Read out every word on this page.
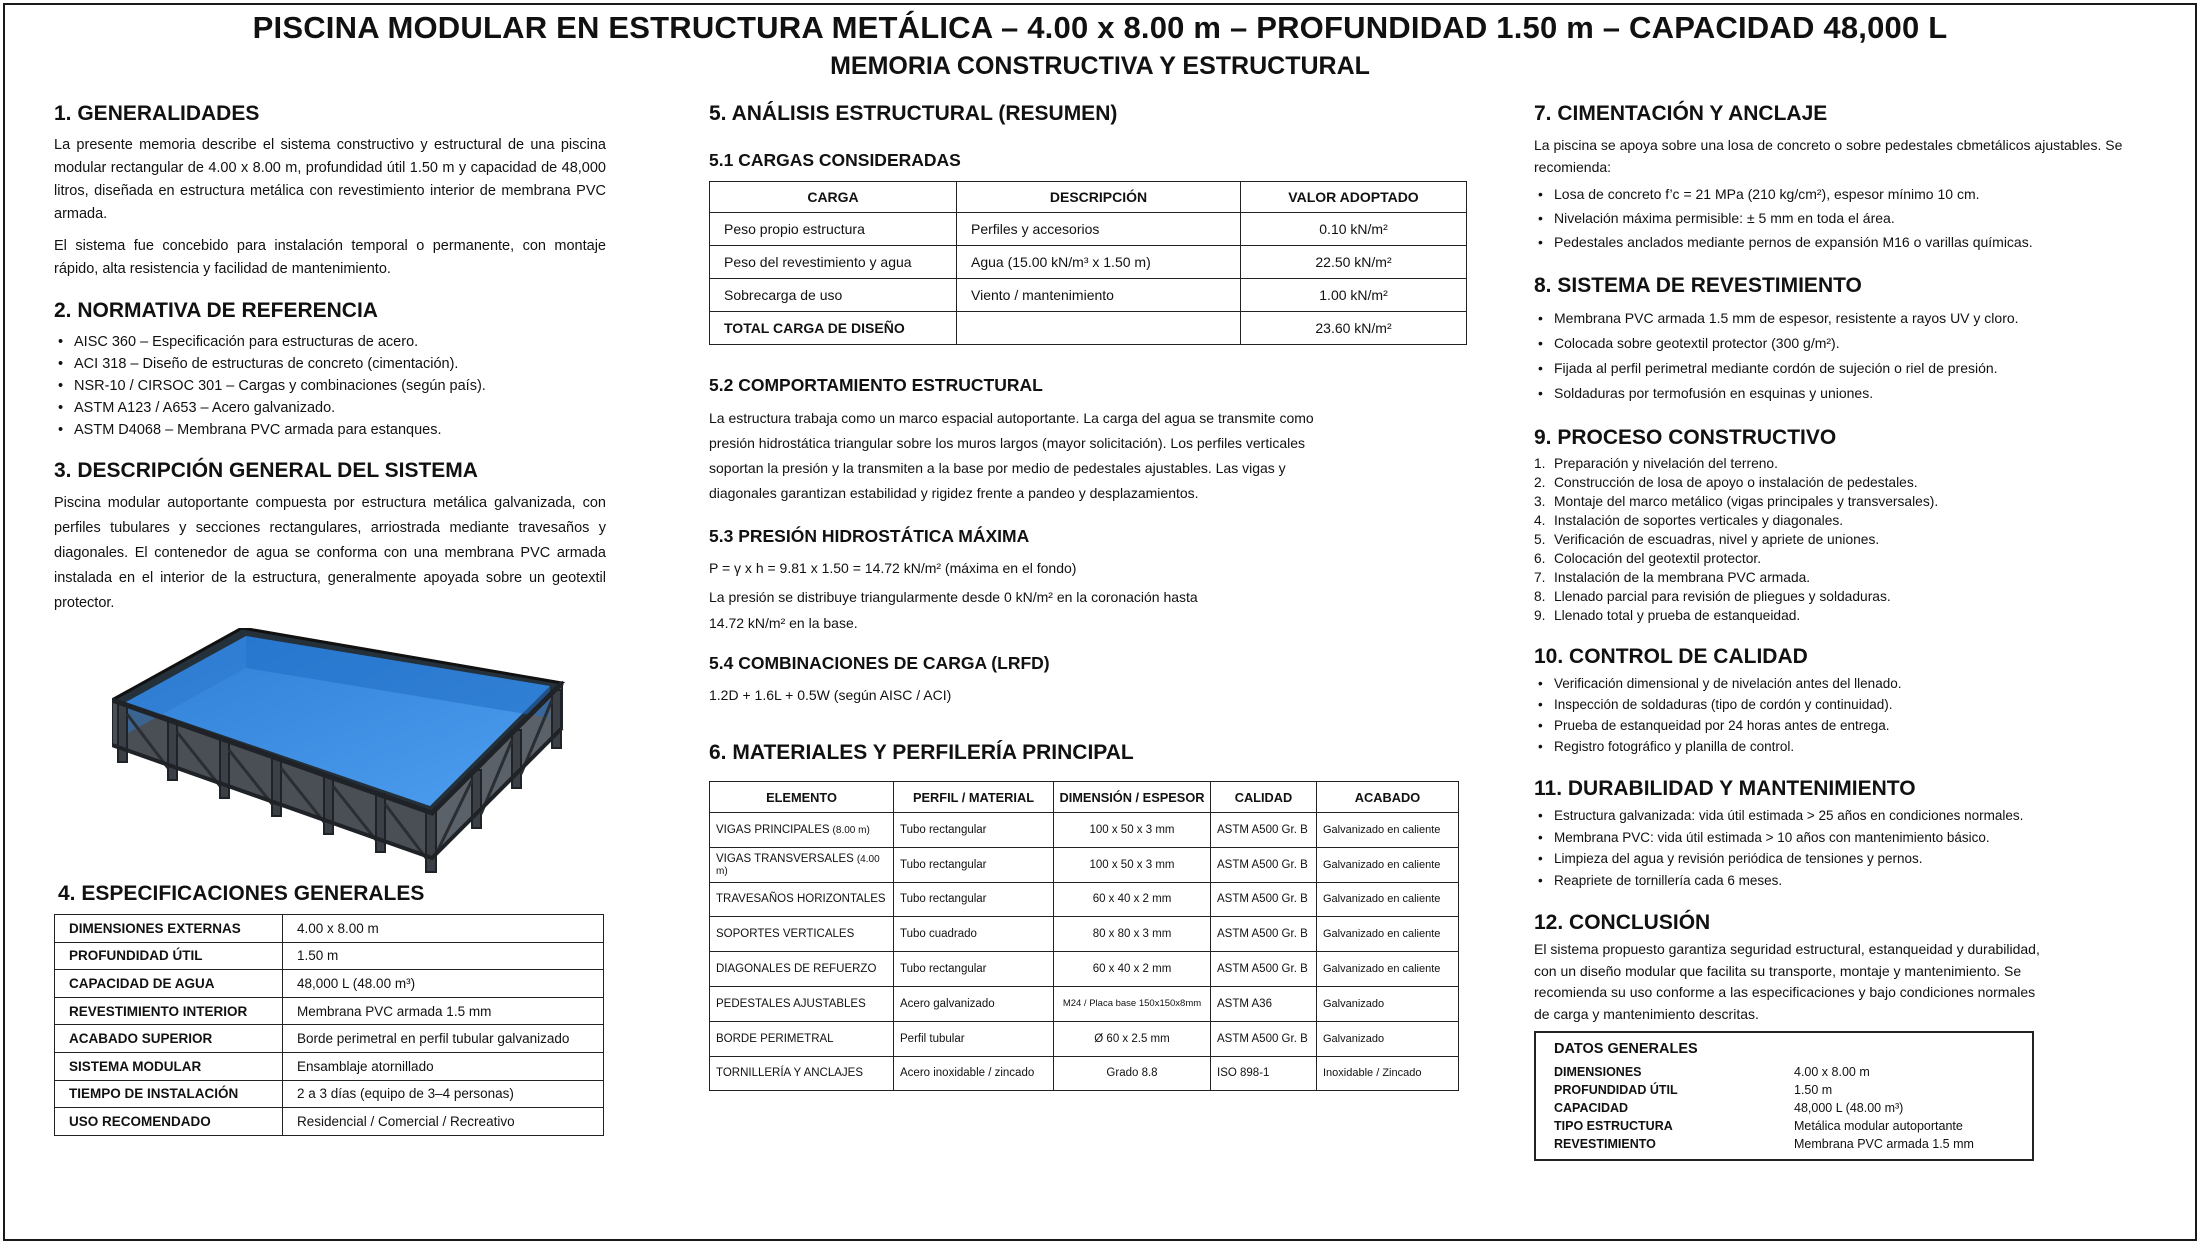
PISCINA MODULAR EN ESTRUCTURA METÁLICA – 4.00 x 8.00 m – PROFUNDIDAD 1.50 m – CAPACIDAD 48,000 L
MEMORIA CONSTRUCTIVA Y ESTRUCTURAL
1. GENERALIDADES

La presente memoria describe el sistema constructivo y estructural de una piscina modular rectangular de 4.00 x 8.00 m, profundidad útil 1.50 m y capacidad de 48,000 litros, diseñada en estructura metálica con revestimiento interior de membrana PVC armada.

El sistema fue concebido para instalación temporal o permanente, con montaje rápido, alta resistencia y facilidad de mantenimiento.

2. NORMATIVA DE REFERENCIA
• AISC 360 – Especificación para estructuras de acero.
• ACI 318 – Diseño de estructuras de concreto (cimentación).
• NSR-10 / CIRSOC 301 – Cargas y combinaciones (según país).
• ASTM A123 / A653 – Acero galvanizado.
• ASTM D4068 – Membrana PVC armada para estanques.
3. DESCRIPCIÓN GENERAL DEL SISTEMA

Piscina modular autoportante compuesta por estructura metálica galvanizada, con perfiles tubulares y secciones rectangulares, arriostrada mediante travesaños y diagonales. El contenedor de agua se conforma con una membrana PVC armada instalada en el interior de la estructura, generalmente apoyada sobre un geotextil protector.

4. ESPECIFICACIONES GENERALES
DIMENSIONES EXTERNAS	4.00 x 8.00 m
PROFUNDIDAD ÚTIL	1.50 m
CAPACIDAD DE AGUA	48,000 L (48.00 m³)
REVESTIMIENTO INTERIOR	Membrana PVC armada 1.5 mm
ACABADO SUPERIOR	Borde perimetral en perfil tubular galvanizado
SISTEMA MODULAR	Ensamblaje atornillado
TIEMPO DE INSTALACIÓN	2 a 3 días (equipo de 3–4 personas)
USO RECOMENDADO	Residencial / Comercial / Recreativo
5. ANÁLISIS ESTRUCTURAL (RESUMEN)
5.1 CARGAS CONSIDERADAS
CARGA	DESCRIPCIÓN	VALOR ADOPTADO
Peso propio estructura	Perfiles y accesorios	0.10 kN/m²
Peso del revestimiento y agua	Agua (15.00 kN/m³ x 1.50 m)	22.50 kN/m²
Sobrecarga de uso	Viento / mantenimiento	1.00 kN/m²
TOTAL CARGA DE DISEÑO		23.60 kN/m²
5.2 COMPORTAMIENTO ESTRUCTURAL

La estructura trabaja como un marco espacial autoportante. La carga del agua se transmite como presión hidrostática triangular sobre los muros largos (mayor solicitación). Los perfiles verticales soportan la presión y la transmiten a la base por medio de pedestales ajustables. Las vigas y diagonales garantizan estabilidad y rigidez frente a pandeo y desplazamientos.

5.3 PRESIÓN HIDROSTÁTICA MÁXIMA

P = γ x h = 9.81 x 1.50 = 14.72 kN/m² (máxima en el fondo)

La presión se distribuye triangularmente desde 0 kN/m² en la coronación hasta

14.72 kN/m² en la base.

5.4 COMBINACIONES DE CARGA (LRFD)

1.2D + 1.6L + 0.5W (según AISC / ACI)

6. MATERIALES Y PERFILERÍA PRINCIPAL
ELEMENTO	PERFIL / MATERIAL	DIMENSIÓN / ESPESOR	CALIDAD	ACABADO
VIGAS PRINCIPALES (8.00 m)	Tubo rectangular	100 x 50 x 3 mm	ASTM A500 Gr. B	Galvanizado en caliente
VIGAS TRANSVERSALES (4.00 m)	Tubo rectangular	100 x 50 x 3 mm	ASTM A500 Gr. B	Galvanizado en caliente
TRAVESAÑOS HORIZONTALES	Tubo rectangular	60 x 40 x 2 mm	ASTM A500 Gr. B	Galvanizado en caliente
SOPORTES VERTICALES	Tubo cuadrado	80 x 80 x 3 mm	ASTM A500 Gr. B	Galvanizado en caliente
DIAGONALES DE REFUERZO	Tubo rectangular	60 x 40 x 2 mm	ASTM A500 Gr. B	Galvanizado en caliente
PEDESTALES AJUSTABLES	Acero galvanizado	M24 / Placa base 150x150x8mm	ASTM A36	Galvanizado
BORDE PERIMETRAL	Perfil tubular	Ø 60 x 2.5 mm	ASTM A500 Gr. B	Galvanizado
TORNILLERÍA Y ANCLAJES	Acero inoxidable / zincado	Grado 8.8	ISO 898-1	Inoxidable / Zincado
7. CIMENTACIÓN Y ANCLAJE

La piscina se apoya sobre una losa de concreto o sobre pedestales cbmetálicos ajustables. Se recomienda:

• Losa de concreto f’c = 21 MPa (210 kg/cm²), espesor mínimo 10 cm.
• Nivelación máxima permisible: ± 5 mm en toda el área.
• Pedestales anclados mediante pernos de expansión M16 o varillas químicas.
8. SISTEMA DE REVESTIMIENTO
• Membrana PVC armada 1.5 mm de espesor, resistente a rayos UV y cloro.
• Colocada sobre geotextil protector (300 g/m²).
• Fijada al perfil perimetral mediante cordón de sujeción o riel de presión.
• Soldaduras por termofusión en esquinas y uniones.
9. PROCESO CONSTRUCTIVO
1. Preparación y nivelación del terreno.
2. Construcción de losa de apoyo o instalación de pedestales.
3. Montaje del marco metálico (vigas principales y transversales).
4. Instalación de soportes verticales y diagonales.
5. Verificación de escuadras, nivel y apriete de uniones.
6. Colocación del geotextil protector.
7. Instalación de la membrana PVC armada.
8. Llenado parcial para revisión de pliegues y soldaduras.
9. Llenado total y prueba de estanqueidad.
10. CONTROL DE CALIDAD
• Verificación dimensional y de nivelación antes del llenado.
• Inspección de soldaduras (tipo de cordón y continuidad).
• Prueba de estanqueidad por 24 horas antes de entrega.
• Registro fotográfico y planilla de control.
11. DURABILIDAD Y MANTENIMIENTO
• Estructura galvanizada: vida útil estimada > 25 años en condiciones normales.
• Membrana PVC: vida útil estimada > 10 años con mantenimiento básico.
• Limpieza del agua y revisión periódica de tensiones y pernos.
• Reapriete de tornillería cada 6 meses.
12. CONCLUSIÓN

El sistema propuesto garantiza seguridad estructural, estanqueidad y durabilidad, con un diseño modular que facilita su transporte, montaje y mantenimiento. Se recomienda su uso conforme a las especificaciones y bajo condiciones normales de carga y mantenimiento descritas.

DATOS GENERALES
DIMENSIONES	4.00 x 8.00 m
PROFUNDIDAD ÚTIL	1.50 m
CAPACIDAD	48,000 L (48.00 m³)
TIPO ESTRUCTURA	Metálica modular autoportante
REVESTIMIENTO	Membrana PVC armada 1.5 mm
